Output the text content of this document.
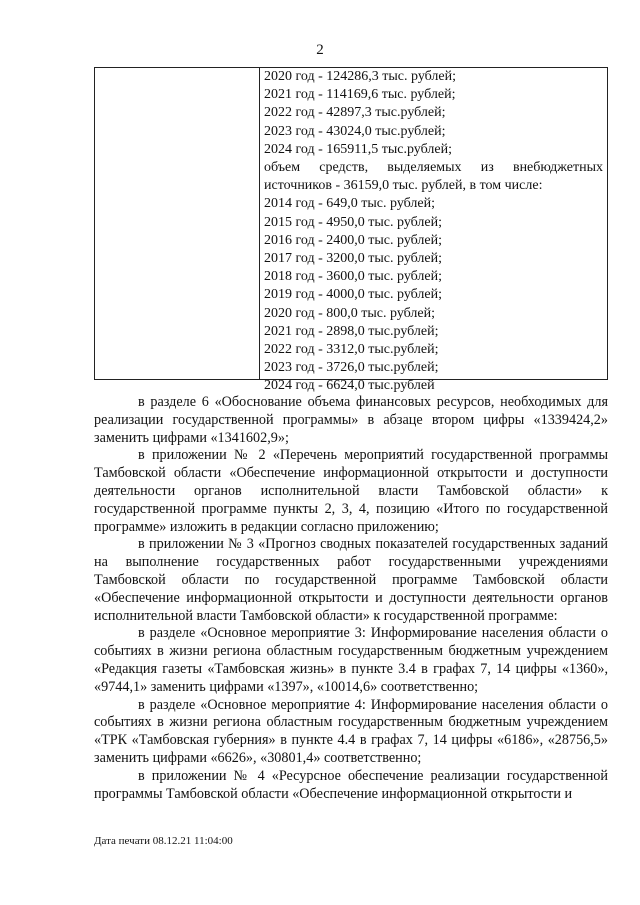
2
2020 год - 124286,3 тыс. рублей;
2021 год - 114169,6 тыс. рублей;
2022 год - 42897,3 тыс.рублей;
2023 год - 43024,0 тыс.рублей;
2024 год - 165911,5 тыс.рублей;
объем средств, выделяемых из внебюджетных
источников - 36159,0 тыс. рублей, в том числе:
2014 год - 649,0 тыс. рублей;
2015 год - 4950,0 тыс. рублей;
2016 год - 2400,0 тыс. рублей;
2017 год - 3200,0 тыс. рублей;
2018 год - 3600,0 тыс. рублей;
2019 год - 4000,0 тыс. рублей;
2020 год - 800,0 тыс. рублей;
2021 год - 2898,0 тыс.рублей;
2022 год - 3312,0 тыс.рублей;
2023 год - 3726,0 тыс.рублей;
2024 год - 6624,0 тыс.рублей

в разделе 6 «Обоснование объема финансовых ресурсов, необходимых для реализации государственной программы» в абзаце втором цифры «1339424,2» заменить цифрами «1341602,9»;

в приложении № 2 «Перечень мероприятий государственной программы Тамбовской области «Обеспечение информационной открытости и доступности деятельности органов исполнительной власти Тамбовской области» к государственной программе пункты 2, 3, 4, позицию «Итого по государственной программе» изложить в редакции согласно приложению;

в приложении № 3 «Прогноз сводных показателей государственных заданий на выполнение государственных работ государственными учреждениями Тамбовской области по государственной программе Тамбовской области «Обеспечение информационной открытости и доступности деятельности органов исполнительной власти Тамбовской области» к государственной программе:

в разделе «Основное мероприятие 3: Информирование населения области о событиях в жизни региона областным государственным бюджетным учреждением «Редакция газеты «Тамбовская жизнь» в пункте 3.4 в графах 7, 14 цифры «1360», «9744,1» заменить цифрами «1397», «10014,6» соответственно;

в разделе «Основное мероприятие 4: Информирование населения области о событиях в жизни региона областным государственным бюджетным учреждением «ТРК «Тамбовская губерния» в пункте 4.4 в графах 7, 14 цифры «6186», «28756,5» заменить цифрами «6626», «30801,4» соответственно;

в приложении № 4 «Ресурсное обеспечение реализации государственной программы Тамбовской области «Обеспечение информационной открытости и

Дата печати 08.12.21 11:04:00
